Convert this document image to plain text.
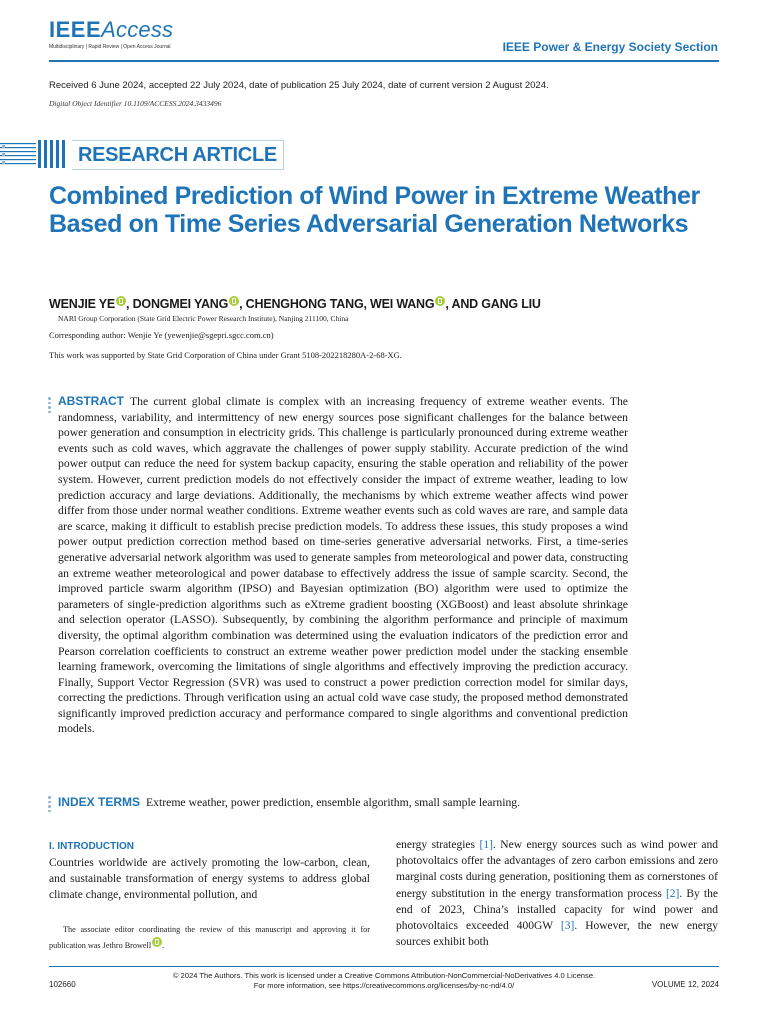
IEEEAccess
Multidisciplinary | Rapid Review | Open Access Journal	IEEE Power & Energy Society Section
Received 6 June 2024, accepted 22 July 2024, date of publication 25 July 2024, date of current version 2 August 2024.
Digital Object Identifier 10.1109/ACCESS.2024.3433496
RESEARCH ARTICLE
Combined Prediction of Wind Power in Extreme Weather Based on Time Series Adversarial Generation Networks
WENJIE YE , DONGMEI YANG , CHENGHONG TANG, WEI WANG , AND GANG LIU
NARI Group Corporation (State Grid Electric Power Research Institute), Nanjing 211100, China
Corresponding author: Wenjie Ye (yewenjie@sgepri.sgcc.com.cn)
This work was supported by State Grid Corporation of China under Grant 5108-202218280A-2-68-XG.
ABSTRACT The current global climate is complex with an increasing frequency of extreme weather events. The randomness, variability, and intermittency of new energy sources pose significant challenges for the balance between power generation and consumption in electricity grids. This challenge is particularly pronounced during extreme weather events such as cold waves, which aggravate the challenges of power supply stability. Accurate prediction of the wind power output can reduce the need for system backup capacity, ensuring the stable operation and reliability of the power system. However, current prediction models do not effectively consider the impact of extreme weather, leading to low prediction accuracy and large deviations. Additionally, the mechanisms by which extreme weather affects wind power differ from those under normal weather conditions. Extreme weather events such as cold waves are rare, and sample data are scarce, making it difficult to establish precise prediction models. To address these issues, this study proposes a wind power output prediction correction method based on time-series generative adversarial networks. First, a time-series generative adversarial network algorithm was used to generate samples from meteorological and power data, constructing an extreme weather meteorological and power database to effectively address the issue of sample scarcity. Second, the improved particle swarm algorithm (IPSO) and Bayesian optimization (BO) algorithm were used to optimize the parameters of single-prediction algorithms such as eXtreme gradient boosting (XGBoost) and least absolute shrinkage and selection operator (LASSO). Subsequently, by combining the algorithm performance and principle of maximum diversity, the optimal algorithm combination was determined using the evaluation indicators of the prediction error and Pearson correlation coefficients to construct an extreme weather power prediction model under the stacking ensemble learning framework, overcoming the limitations of single algorithms and effectively improving the prediction accuracy. Finally, Support Vector Regression (SVR) was used to construct a power prediction correction model for similar days, correcting the predictions. Through verification using an actual cold wave case study, the proposed method demonstrated significantly improved prediction accuracy and performance compared to single algorithms and conventional prediction models.
INDEX TERMS Extreme weather, power prediction, ensemble algorithm, small sample learning.
I. INTRODUCTION
Countries worldwide are actively promoting the low-carbon, clean, and sustainable transformation of energy systems to address global climate change, environmental pollution, and
The associate editor coordinating the review of this manuscript and approving it for publication was Jethro Browell .
energy strategies [1]. New energy sources such as wind power and photovoltaics offer the advantages of zero carbon emissions and zero marginal costs during generation, positioning them as cornerstones of energy substitution in the energy transformation process [2]. By the end of 2023, China’s installed capacity for wind power and photovoltaics exceeded 400GW [3]. However, the new energy sources exhibit both
102660
© 2024 The Authors. This work is licensed under a Creative Commons Attribution-NonCommercial-NoDerivatives 4.0 License.
For more information, see https://creativecommons.org/licenses/by-nc-nd/4.0/	VOLUME 12, 2024
